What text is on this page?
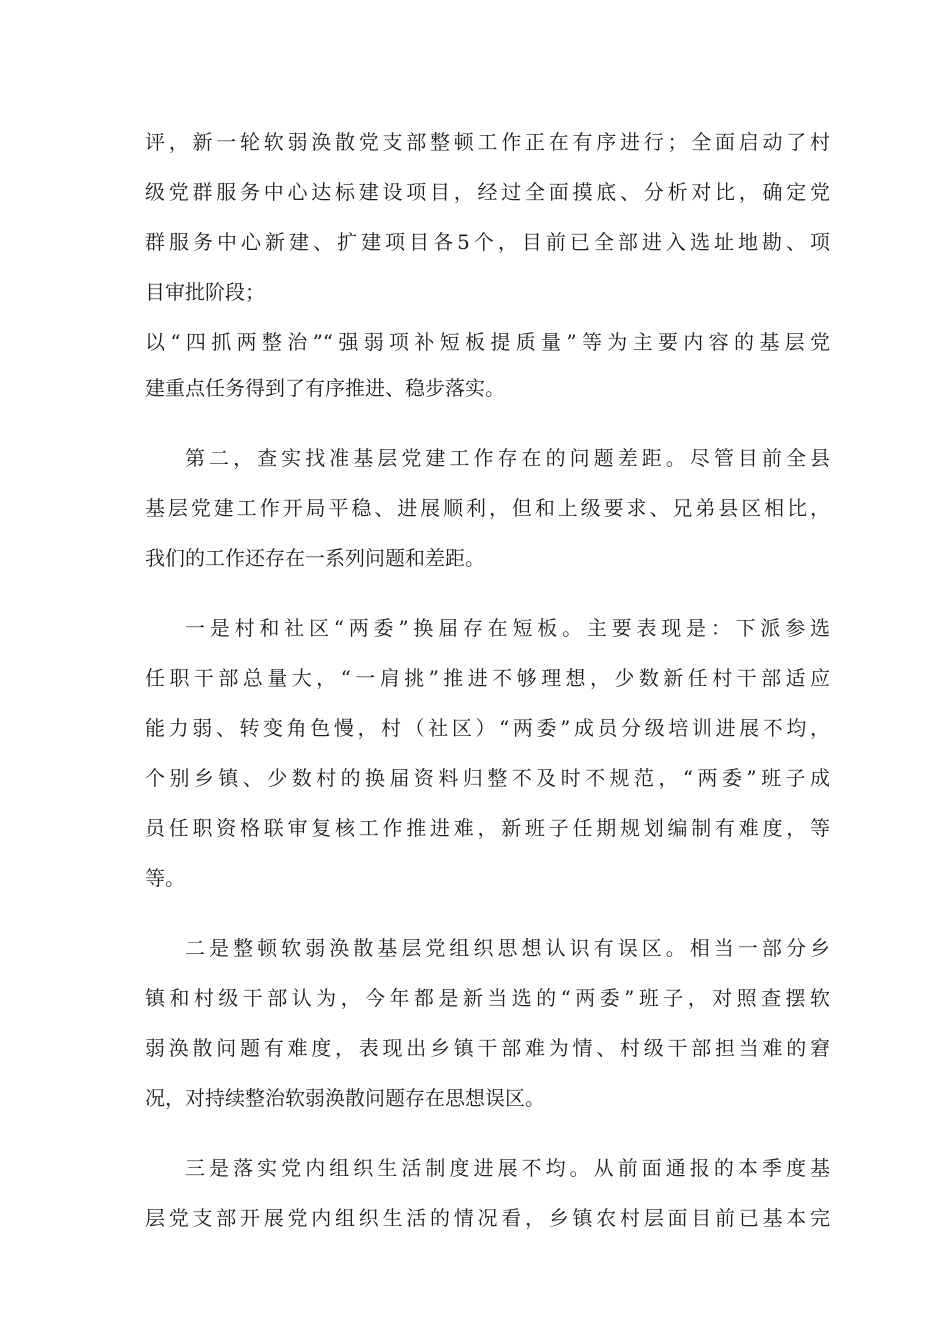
评，新一轮软弱涣散党支部整顿工作正在有序进行；全面启动了村
级党群服务中心达标建设项目，经过全面摸底、分析对比，确定党
群服务中心新建、扩建项目各5个，目前已全部进入选址地勘、项
目审批阶段；
以“四抓两整治”“强弱项补短板提质量”等为主要内容的基层党
建重点任务得到了有序推进、稳步落实。
第二，查实找准基层党建工作存在的问题差距。尽管目前全县
基层党建工作开局平稳、进展顺利，但和上级要求、兄弟县区相比，
我们的工作还存在一系列问题和差距。
一是村和社区“两委”换届存在短板。主要表现是：下派参选
任职干部总量大，“一肩挑”推进不够理想，少数新任村干部适应
能力弱、转变角色慢，村（社区）“两委”成员分级培训进展不均，
个别乡镇、少数村的换届资料归整不及时不规范，“两委”班子成
员任职资格联审复核工作推进难，新班子任期规划编制有难度，等
等。
二是整顿软弱涣散基层党组织思想认识有误区。相当一部分乡
镇和村级干部认为，今年都是新当选的“两委”班子，对照查摆软
弱涣散问题有难度，表现出乡镇干部难为情、村级干部担当难的窘
况，对持续整治软弱涣散问题存在思想误区。
三是落实党内组织生活制度进展不均。从前面通报的本季度基
层党支部开展党内组织生活的情况看，乡镇农村层面目前已基本完
